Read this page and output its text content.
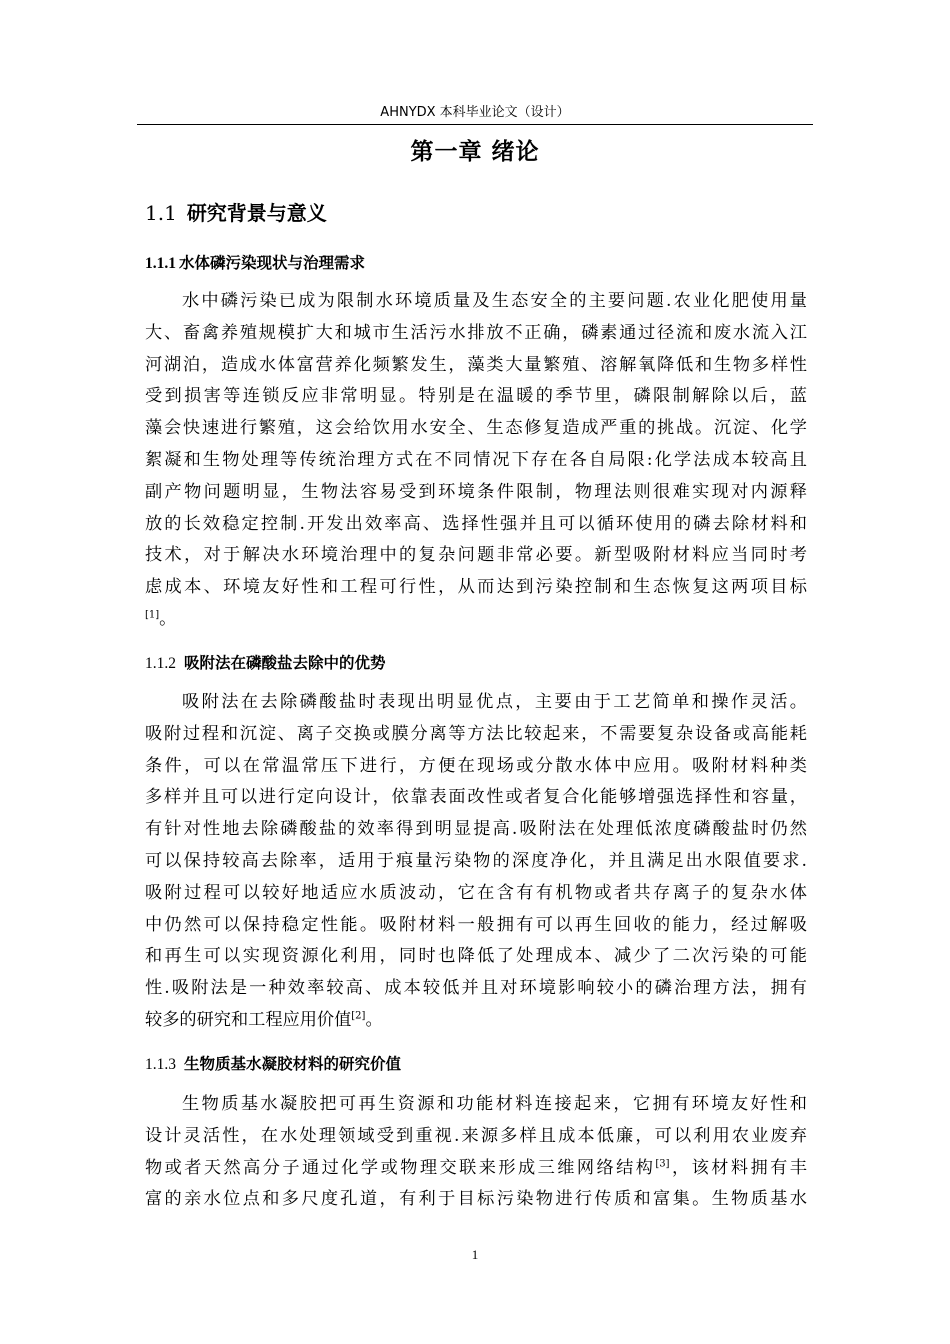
AHNYDX 本科毕业论文（设计）
第一章 绪论
1.1 研究背景与意义
1.1.1 水体磷污染现状与治理需求
水中磷污染已成为限制水环境质量及生态安全的主要问题.农业化肥使用量
大、畜禽养殖规模扩大和城市生活污水排放不正确，磷素通过径流和废水流入江
河湖泊，造成水体富营养化频繁发生，藻类大量繁殖、溶解氧降低和生物多样性
受到损害等连锁反应非常明显。特别是在温暖的季节里，磷限制解除以后，蓝
藻会快速进行繁殖，这会给饮用水安全、生态修复造成严重的挑战。沉淀、化学
絮凝和生物处理等传统治理方式在不同情况下存在各自局限:化学法成本较高且
副产物问题明显，生物法容易受到环境条件限制，物理法则很难实现对内源释
放的长效稳定控制.开发出效率高、选择性强并且可以循环使用的磷去除材料和
技术，对于解决水环境治理中的复杂问题非常必要。新型吸附材料应当同时考
虑成本、环境友好性和工程可行性，从而达到污染控制和生态恢复这两项目标
[1]。
1.1.2 吸附法在磷酸盐去除中的优势
吸附法在去除磷酸盐时表现出明显优点，主要由于工艺简单和操作灵活。
吸附过程和沉淀、离子交换或膜分离等方法比较起来，不需要复杂设备或高能耗
条件，可以在常温常压下进行，方便在现场或分散水体中应用。吸附材料种类
多样并且可以进行定向设计，依靠表面改性或者复合化能够增强选择性和容量，
有针对性地去除磷酸盐的效率得到明显提高.吸附法在处理低浓度磷酸盐时仍然
可以保持较高去除率，适用于痕量污染物的深度净化，并且满足出水限值要求.
吸附过程可以较好地适应水质波动，它在含有有机物或者共存离子的复杂水体
中仍然可以保持稳定性能。吸附材料一般拥有可以再生回收的能力，经过解吸
和再生可以实现资源化利用，同时也降低了处理成本、减少了二次污染的可能
性.吸附法是一种效率较高、成本较低并且对环境影响较小的磷治理方法，拥有
较多的研究和工程应用价值[2]。
1.1.3 生物质基水凝胶材料的研究价值
生物质基水凝胶把可再生资源和功能材料连接起来，它拥有环境友好性和
设计灵活性，在水处理领域受到重视.来源多样且成本低廉，可以利用农业废弃
物或者天然高分子通过化学或物理交联来形成三维网络结构[3]，该材料拥有丰
富的亲水位点和多尺度孔道，有利于目标污染物进行传质和富集。生物质基水
1
